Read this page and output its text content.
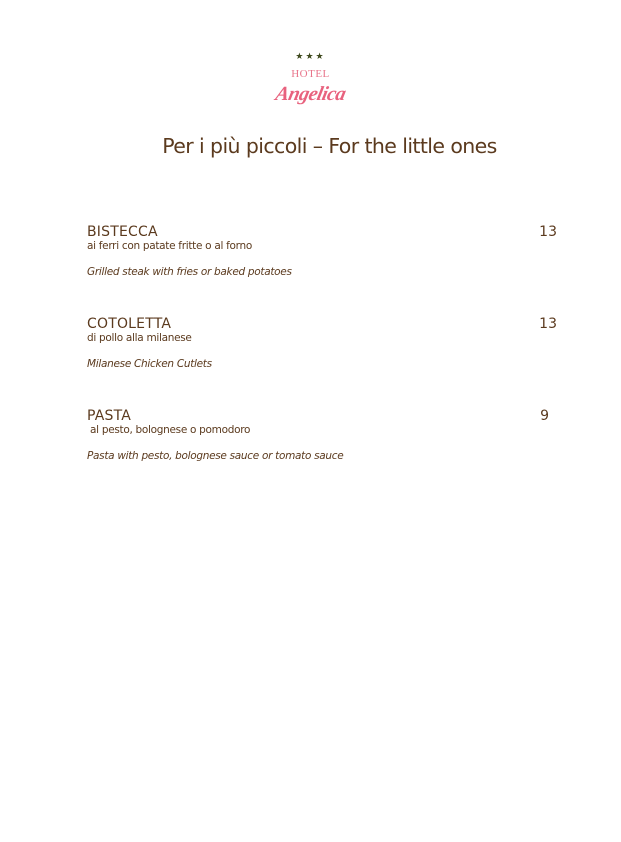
★★★
HOTEL
Angelica
Per i più piccoli – For the little ones
BISTECCA	13
ai ferri con patate fritte o al forno
Grilled steak with fries or baked potatoes
COTOLETTA	13
di pollo alla milanese
Milanese Chicken Cutlets
PASTA	9
al pesto, bolognese o pomodoro
Pasta with pesto, bolognese sauce or tomato sauce
